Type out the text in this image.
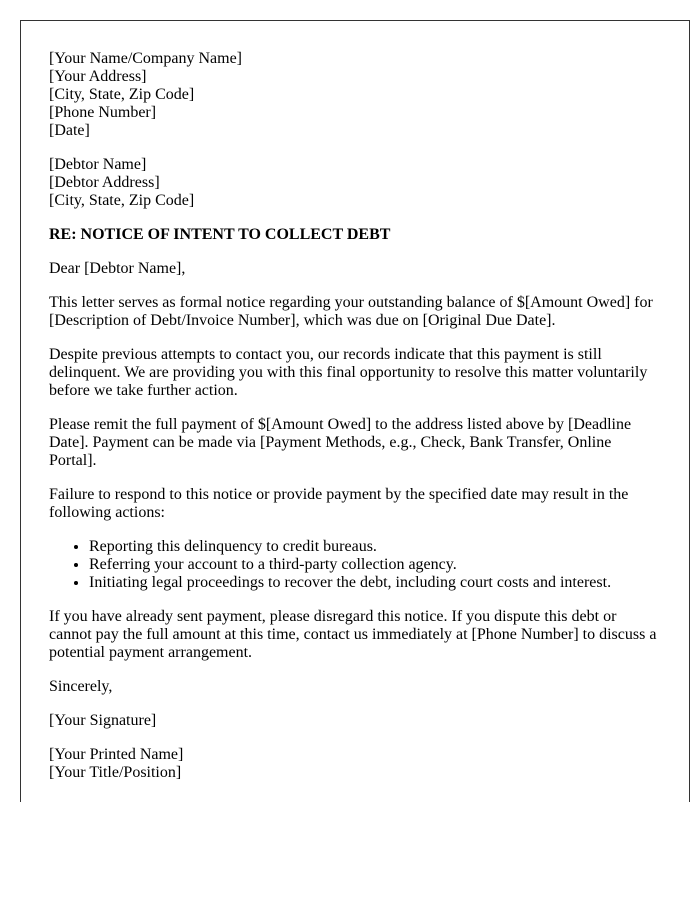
[Your Name/Company Name]
[Your Address]
[City, State, Zip Code]
[Phone Number]
[Date]

[Debtor Name]
[Debtor Address]
[City, State, Zip Code]

RE: NOTICE OF INTENT TO COLLECT DEBT

Dear [Debtor Name],

This letter serves as formal notice regarding your outstanding balance of $[Amount Owed] for [Description of Debt/Invoice Number], which was due on [Original Due Date].

Despite previous attempts to contact you, our records indicate that this payment is still delinquent. We are providing you with this final opportunity to resolve this matter voluntarily before we take further action.

Please remit the full payment of $[Amount Owed] to the address listed above by [Deadline Date]. Payment can be made via [Payment Methods, e.g., Check, Bank Transfer, Online Portal].

Failure to respond to this notice or provide payment by the specified date may result in the following actions:

• Reporting this delinquency to credit bureaus.
• Referring your account to a third-party collection agency.
• Initiating legal proceedings to recover the debt, including court costs and interest.

If you have already sent payment, please disregard this notice. If you dispute this debt or cannot pay the full amount at this time, contact us immediately at [Phone Number] to discuss a potential payment arrangement.

Sincerely,

[Your Signature]

[Your Printed Name]
[Your Title/Position]
